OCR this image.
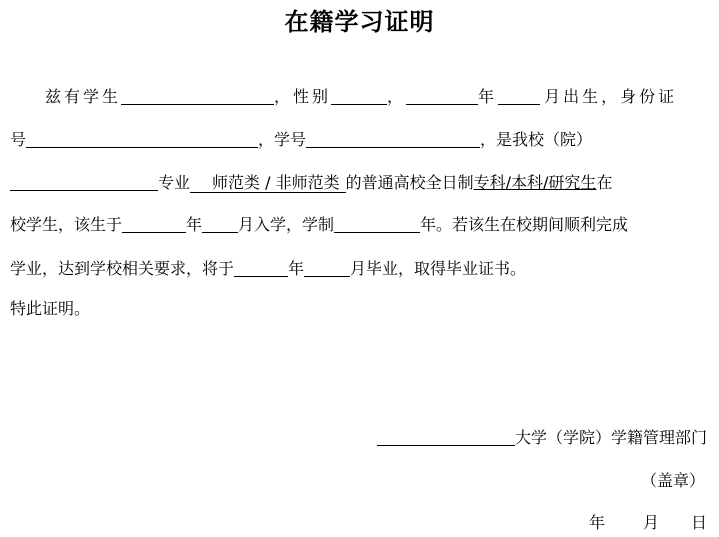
在籍学习证明
兹有学生	，性别	，	年	月出生，身份证
号	，学号	，是我校（院）
专业 师范类 / 非师范类 的普通高校全日制专科/本科/研究生在
校学生，该生于	年 月入学，学制	年。若该生在校期间顺利完成
学业，达到学校相关要求，将于	年	月毕业，取得毕业证书。
特此证明。
大学（学院）学籍管理部门
（盖章）
年 月 日
